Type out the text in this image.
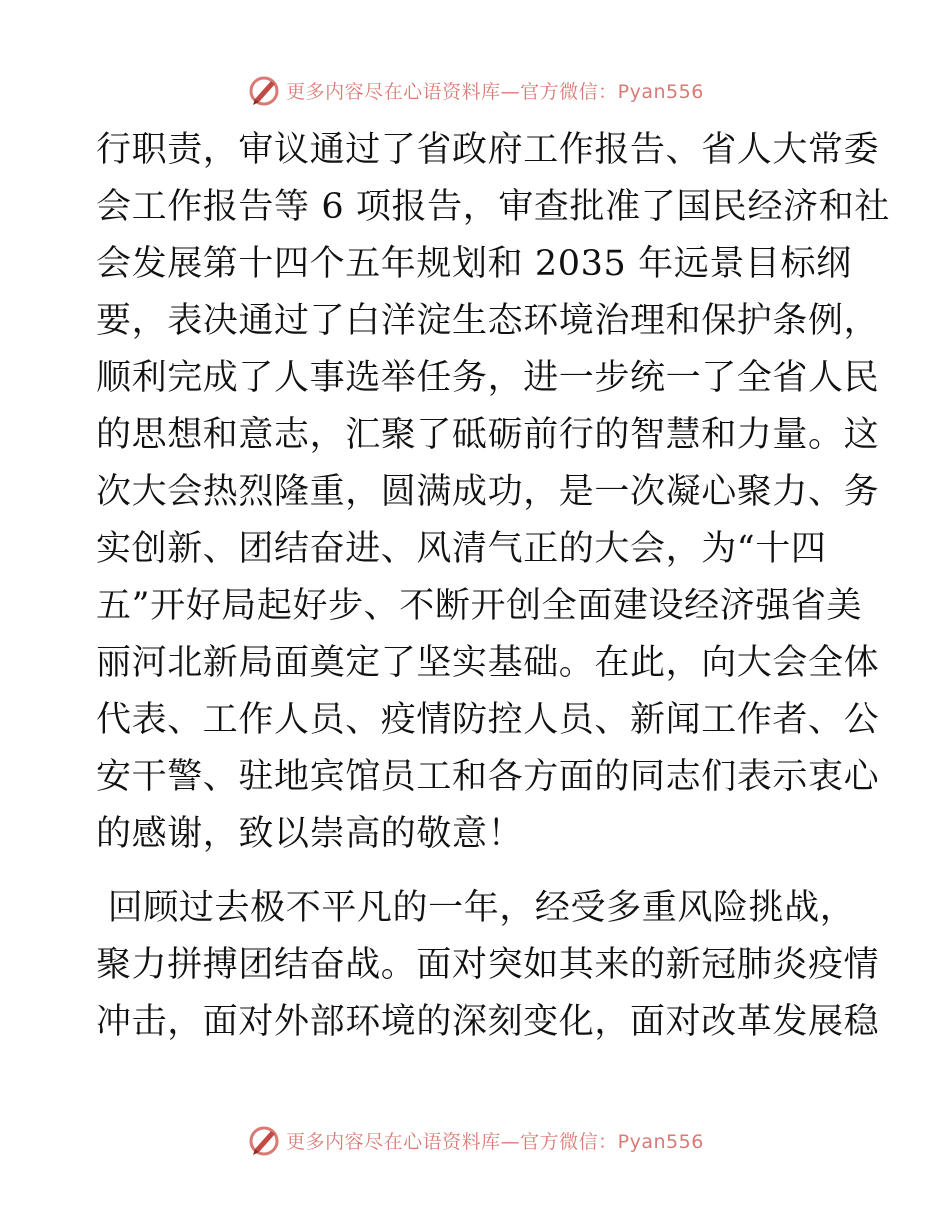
更多内容尽在心语资料库—官方微信：Pyan556
行职责，审议通过了省政府工作报告、省人大常委
会工作报告等 6 项报告，审查批准了国民经济和社
会发展第十四个五年规划和 2035 年远景目标纲
要，表决通过了白洋淀生态环境治理和保护条例，
顺利完成了人事选举任务，进一步统一了全省人民
的思想和意志，汇聚了砥砺前行的智慧和力量。这
次大会热烈隆重，圆满成功，是一次凝心聚力、务
实创新、团结奋进、风清气正的大会，为“十四
五”开好局起好步、不断开创全面建设经济强省美
丽河北新局面奠定了坚实基础。在此，向大会全体
代表、工作人员、疫情防控人员、新闻工作者、公
安干警、驻地宾馆员工和各方面的同志们表示衷心
的感谢，致以崇高的敬意！
回顾过去极不平凡的一年，经受多重风险挑战，
聚力拼搏团结奋战。面对突如其来的新冠肺炎疫情
冲击，面对外部环境的深刻变化，面对改革发展稳
更多内容尽在心语资料库—官方微信：Pyan556
